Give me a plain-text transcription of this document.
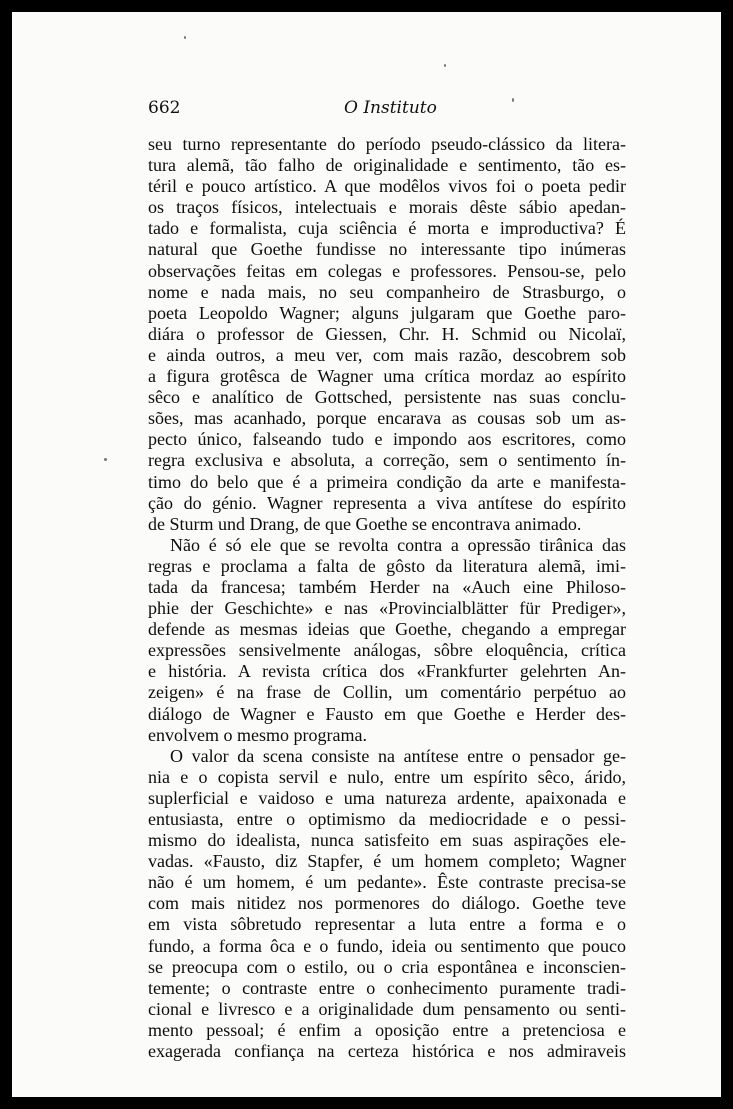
662	O Instituto
seu turno representante do período pseudo-clássico da litera-
tura alemã, tão falho de originalidade e sentimento, tão es-
téril e pouco artístico. A que modêlos vivos foi o poeta pedir
os traços físicos, intelectuais e morais dêste sábio apedan-
tado e formalista, cuja sciência é morta e improductiva? É
natural que Goethe fundisse no interessante tipo inúmeras
observações feitas em colegas e professores. Pensou-se, pelo
nome e nada mais, no seu companheiro de Strasburgo, o
poeta Leopoldo Wagner; alguns julgaram que Goethe paro-
diára o professor de Giessen, Chr. H. Schmid ou Nicolaï,
e ainda outros, a meu ver, com mais razão, descobrem sob
a figura grotêsca de Wagner uma crítica mordaz ao espírito
sêco e analítico de Gottsched, persistente nas suas conclu-
sões, mas acanhado, porque encarava as cousas sob um as-
pecto único, falseando tudo e impondo aos escritores, como
regra exclusiva e absoluta, a correção, sem o sentimento ín-
timo do belo que é a primeira condição da arte e manifesta-
ção do génio. Wagner representa a viva antítese do espírito
de Sturm und Drang, de que Goethe se encontrava animado.
Não é só ele que se revolta contra a opressão tirânica das
regras e proclama a falta de gôsto da literatura alemã, imi-
tada da francesa; também Herder na «Auch eine Philoso-
phie der Geschichte» e nas «Provincialblätter für Prediger»,
defende as mesmas ideias que Goethe, chegando a empregar
expressões sensivelmente análogas, sôbre eloquência, crítica
e história. A revista crítica dos «Frankfurter gelehrten An-
zeigen» é na frase de Collin, um comentário perpétuo ao
diálogo de Wagner e Fausto em que Goethe e Herder des-
envolvem o mesmo programa.
O valor da scena consiste na antítese entre o pensador ge-
nia e o copista servil e nulo, entre um espírito sêco, árido,
suplerficial e vaidoso e uma natureza ardente, apaixonada e
entusiasta, entre o optimismo da mediocridade e o pessi-
mismo do idealista, nunca satisfeito em suas aspirações ele-
vadas. «Fausto, diz Stapfer, é um homem completo; Wagner
não é um homem, é um pedante». Êste contraste precisa-se
com mais nitidez nos pormenores do diálogo. Goethe teve
em vista sôbretudo representar a luta entre a forma e o
fundo, a forma ôca e o fundo, ideia ou sentimento que pouco
se preocupa com o estilo, ou o cria espontânea e inconscien-
temente; o contraste entre o conhecimento puramente tradi-
cional e livresco e a originalidade dum pensamento ou senti-
mento pessoal; é enfim a oposição entre a pretenciosa e
exagerada confiança na certeza histórica e nos admiraveis
